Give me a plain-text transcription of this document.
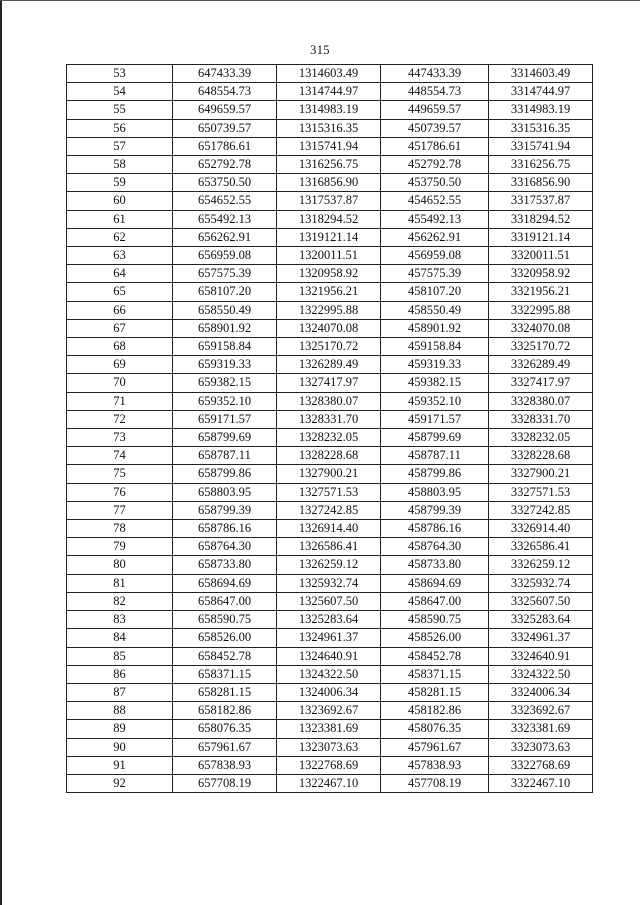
315
53	647433.39	1314603.49	447433.39	3314603.49
54	648554.73	1314744.97	448554.73	3314744.97
55	649659.57	1314983.19	449659.57	3314983.19
56	650739.57	1315316.35	450739.57	3315316.35
57	651786.61	1315741.94	451786.61	3315741.94
58	652792.78	1316256.75	452792.78	3316256.75
59	653750.50	1316856.90	453750.50	3316856.90
60	654652.55	1317537.87	454652.55	3317537.87
61	655492.13	1318294.52	455492.13	3318294.52
62	656262.91	1319121.14	456262.91	3319121.14
63	656959.08	1320011.51	456959.08	3320011.51
64	657575.39	1320958.92	457575.39	3320958.92
65	658107.20	1321956.21	458107.20	3321956.21
66	658550.49	1322995.88	458550.49	3322995.88
67	658901.92	1324070.08	458901.92	3324070.08
68	659158.84	1325170.72	459158.84	3325170.72
69	659319.33	1326289.49	459319.33	3326289.49
70	659382.15	1327417.97	459382.15	3327417.97
71	659352.10	1328380.07	459352.10	3328380.07
72	659171.57	1328331.70	459171.57	3328331.70
73	658799.69	1328232.05	458799.69	3328232.05
74	658787.11	1328228.68	458787.11	3328228.68
75	658799.86	1327900.21	458799.86	3327900.21
76	658803.95	1327571.53	458803.95	3327571.53
77	658799.39	1327242.85	458799.39	3327242.85
78	658786.16	1326914.40	458786.16	3326914.40
79	658764.30	1326586.41	458764.30	3326586.41
80	658733.80	1326259.12	458733.80	3326259.12
81	658694.69	1325932.74	458694.69	3325932.74
82	658647.00	1325607.50	458647.00	3325607.50
83	658590.75	1325283.64	458590.75	3325283.64
84	658526.00	1324961.37	458526.00	3324961.37
85	658452.78	1324640.91	458452.78	3324640.91
86	658371.15	1324322.50	458371.15	3324322.50
87	658281.15	1324006.34	458281.15	3324006.34
88	658182.86	1323692.67	458182.86	3323692.67
89	658076.35	1323381.69	458076.35	3323381.69
90	657961.67	1323073.63	457961.67	3323073.63
91	657838.93	1322768.69	457838.93	3322768.69
92	657708.19	1322467.10	457708.19	3322467.10
